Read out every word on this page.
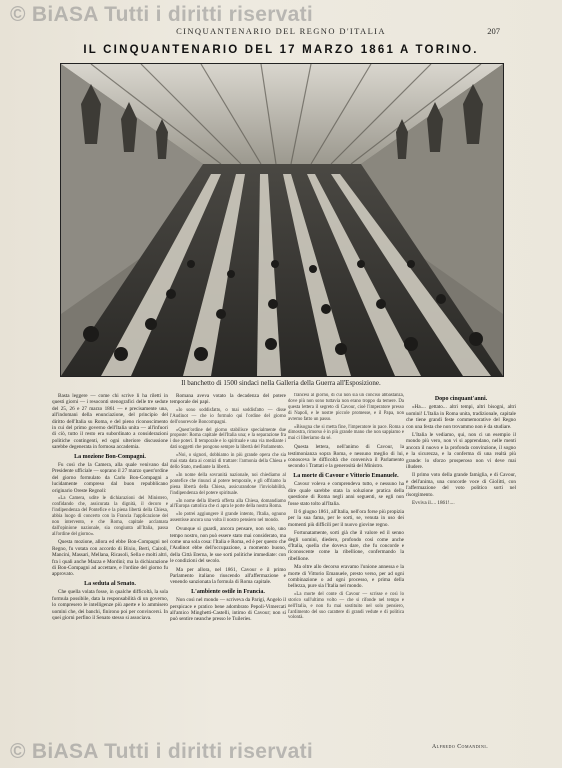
© BiASA Tutti i diritti riservati
CINQUANTENARIO DEL REGNO D'ITALIA	207
IL CINQUANTENARIO DEL 17 MARZO 1861 A TORINO.
Il banchetto di 1500 sindaci nella Galleria della Guerra all'Esposizione.

Basta leggere — come chi scrive li ha riletti in questi giorni — i resoconti stenografici delle tre sedute del 25, 26 e 27 marzo 1861 — e precisamente una, all'indomani della enunciazione, del principio del diritto dell'Italia su Roma, e del pieno riconoscimento in cui del primo governo dell'Italia unita — all'infuori di ciò, tutto il resto era subordinato a considerazioni politiche contingenti, ed ogni ulteriore discussione sarebbe degenerata in formosa accademia.

La mozione Bon-Compagni.

Fu così che la Camera, alla quale venivano dal Presidente ufficiale — soprano il 27 marzo quest'ordine del giorno formulato da Carlo Bon-Compagni a lucidamente compreso dal buon repubblicano originario Oreste Regnoli:

«La Camera, udite le dichiarazioni del Ministero, confidando che, assicurata la dignità, il decoro e l'indipendenza del Pontefice e la piena libertà della Chiesa, abbia luogo di concerto con la Francia l'applicazione del non intervento, e che Roma, capitale acclamata dall'opinione nazionale, sia congiunta all'Italia, passa all'ordine del giorno».

Questa mozione, allora ed ebbe Bon-Compagni nel Regno, fu votata con accordo di Bixio, Berti, Cairoli, Mancini, Massari, Mellana, Ricasoli, Sella e molti altri, fra i quali anche Mazza e Mordini; ma la dichiarazione di Bon-Compagni ad accettare, e l'ordine del giorno fu approvato.

La seduta al Senato.

Che quella volata fosse, in qualche difficoltà, la sola formula possibile, data la responsabilità di un governo, lo compresero le intelligenze più aperte e lo ammisero uomini che, dei banchi, finirono poi per convincersi. In quei giorni perfino il Senato stesso si associava.

Romana aveva votato la decadenza del potere temporale dei papi.

«Io sono soddisfatto, o mai soddisfatto — disse l'Audinot — che io formulo qui l'ordine del giorno dell'onorevole Boncompagni.

«Quest'ordine del giorno stabilisce specialmente due proposte: Roma capitale dell'Italia una; e la separazione fra i due poteri. Il temporale e lo spirituale e una via mediante i dati soggetti che pongono sempre la libertà del Parlamento.

«Noi, o signori, dobbiamo in più grande opera che sia mai stata data ai comizi di trattare: l'armonia della Chiesa e dello Stato, mediante la libertà.

«In nome della sovranità nazionale, noi chiediamo al pontefice che rinunci al potere temporale, e gli offriamo la piena libertà della Chiesa, assicurandone l'inviolabilità, l'indipendenza del potere spirituale.

«In nome della libertà offerta alla Chiesa, domandiamo all'Europa cattolica che ci apra le porte della nostra Roma.

«Io potrei aggiungere il grande intento, l'Italia, ognuno assentisse ancora una volta il nostro pensiero nel mondo.

Ovunque si guardi, ancora pensare, non solo, uno tempo nostro, non può essere stato mai considerato, ma come una sola cosa: l'Italia e Roma, ed è per questo che l'Audinot ebbe dell'occupazione, a momento buono, della Città Eterna, le sue sorti politiche immediate: con le condizioni del secolo.

Ma per allora, nel 1861, Cavour e il primo Parlamento italiano riuscendo all'affermazione e venendo sanzionata la formula di Roma capitale.

L'ambiente ostile in Francia.

Non così nel mondo — scriveva da Parigi, Angelo il perspicace e pratico bene adombrato Pepoli-Vimercati all'amico Minghetti-Castelli, intimo di Cavour; non si può sentire neanche presso le Tuileries.

francesi al giorno, di cui non sia un conciso abbastanza, dove più non sono tuttavia non erano troppo da temere. Da questa lettera il segreto di Cavour, cioè l'imperatore presso di Napoli, e le nostre piccole promesse, e il Papa, non avremo fatto un passo.

«Bisogna che si metta fine, l'imperatore in pace. Roma a dimostra, rimorso è in più grande mano che non sappiamo e mai ci liberiamo da sé.

Questa lettera, nell'animo di Cavour, la testimonianza sopra Roma, e nessuno meglio di lui, conosceva le difficoltà che conveniva il Parlamento secondo i Trattati e la generosità del Ministro.

La morte di Cavour e Vittorio Emanuele.

Cavour voleva e comprendeva tutto, e nessuno ha dire quale sarebbe stata la soluzione pratica della questione di Roma negli anni seguenti, se egli non fosse stato tolto all'Italia.

Il 6 giugno 1861, all'Italia, nell'ora forse più propizia per la sua fama, per le sorti, se, venuta in uso dei momenti più difficili per il nuovo giovine regno.

Fortunatamente, sorti già che il valore ed il senno degli uomini, diedero, profondo così come anche d'Italia, quella che doveva dare, che fu concorde e riconoscente come la ribellione, confermando la ribellione.

Ma oltre allo decorso eravamo l'unione annessa e la morte di Vittorio Emanuele, presto verso, per ad ogni combinazione o ad ogni processo, e prima della bellezza, pure sia l'Italia nel mondo.

«La morte del conte di Cavour — scrisse e così lo storico sull'ultimo volto — che si rifonde nel tempo e nell'Italia, e non fu mai sostituito nel solo pensiero, l'ardimento del suo carattere di grandi vedute e di politica volontà.

Dopo cinquant'anni.

«Ha.... gettato... altri tempi, altri bisogni, altri uomini! L'Italia in Roma unita, tradizionale, capitale che tiene grandi feste commemorative del Regno con una festa che non trovammo non è da studiare.

L'Italia le vediamo, qui, non ci un esempio il mondo più vero, non vi si apprendano, nelle menti ancora il nuovo e la profonda convinzione, il sogno e la sicurezza, e la conferma di una realtà più grande: lo sforzo prosperoso non vi deve mai illudere.

Il primo voto della grande famiglia, e di Cavour, e dell'anima, una concorde voce di Giolitti, con l'affermazione del voto politico sorti nel risorgimento.

Evviva il.... 1861!....

Alfredo Comandini.
© BiASA Tutti i diritti riservati
